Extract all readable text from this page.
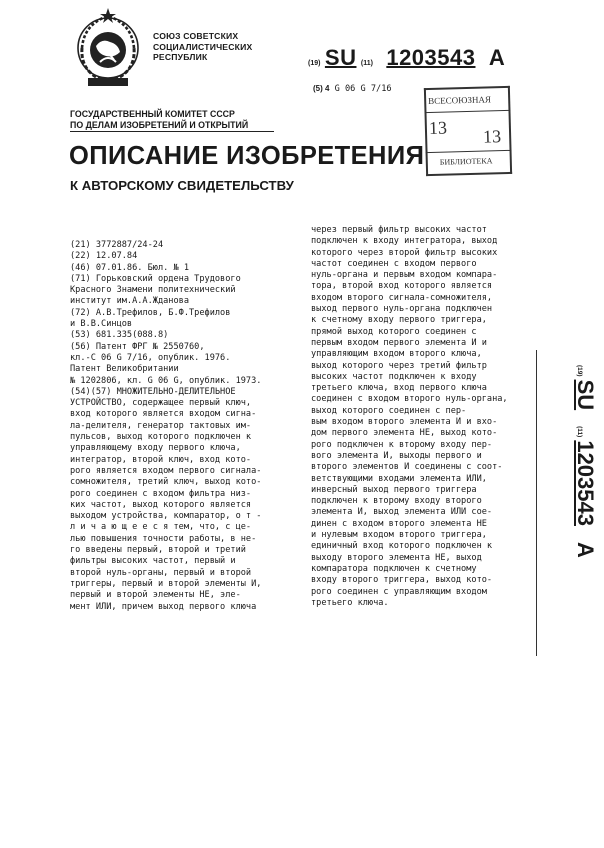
СОЮЗ СОВЕТСКИХ
СОЦИАЛИСТИЧЕСКИХ
РЕСПУБЛИК
(19) SU (11) 1203543 A
(5) 4 G 06 G 7/16
ВСЕСОЮЗНАЯ
13 13
БИБЛИОТЕКА
ГОСУДАРСТВЕННЫЙ КОМИТЕТ СССР
ПО ДЕЛАМ ИЗОБРЕТЕНИЙ И ОТКРЫТИЙ
ОПИСАНИЕ ИЗОБРЕТЕНИЯ
К АВТОРСКОМУ СВИДЕТЕЛЬСТВУ
(21) 3772887/24-24
(22) 12.07.84
(46) 07.01.86. Бюл. № 1
(71) Горьковский ордена Трудового
Красного Знамени политехнический
институт им.А.А.Жданова
(72) А.В.Трефилов, Б.Ф.Трефилов
и В.В.Синцов
(53) 681.335(088.8)
(56) Патент ФРГ № 2550760,
кл.-С 06 G 7/16, опублик. 1976.
Патент Великобритании
№ 1202806, кл. G 06 G, опублик. 1973.
(54)(57) МНОЖИТЕЛЬНО-ДЕЛИТЕЛЬНОЕ
УСТРОЙСТВО, содержащее первый ключ,
вход которого является входом сигна-
ла-делителя, генератор тактовых им-
пульсов, выход которого подключен к
управляющему входу первого ключа,
интегратор, второй ключ, вход кото-
рого является входом первого сигнала-
сомножителя, третий ключ, выход кото-
рого соединен с входом фильтра низ-
ких частот, выход которого является
выходом устройства, компаратор, о т -
л и ч а ю щ е е с я тем, что, с це-
лью повышения точности работы, в не-
го введены первый, второй и третий
фильтры высоких частот, первый и
второй нуль-органы, первый и второй
триггеры, первый и второй элементы И,
первый и второй элементы НЕ, эле-
мент ИЛИ, причем выход первого ключа
через первый фильтр высоких частот
подключен к входу интегратора, выход
которого через второй фильтр высоких
частот соединен с входом первого
нуль-органа и первым входом компара-
тора, второй вход которого является
входом второго сигнала-сомножителя,
выход первого нуль-органа подключен
к счетному входу первого триггера,
прямой выход которого соединен с
первым входом первого элемента И и
управляющим входом второго ключа,
выход которого через третий фильтр
высоких частот подключен к входу
третьего ключа, вход первого ключа
соединен с входом второго нуль-органа,
выход которого соединен с пер-
вым входом второго элемента И и вхо-
дом первого элемента НЕ, выход кото-
рого подключен к второму входу пер-
вого элемента И, выходы первого и
второго элементов И соединены с соот-
ветствующими входами элемента ИЛИ,
инверсный выход первого триггера
подключен к второму входу второго
элемента И, выход элемента ИЛИ сое-
динен с входом второго элемента НЕ
и нулевым входом второго триггера,
единичный вход которого подключен к
выходу второго элемента НЕ, выход
компаратора подключен к счетному
входу второго триггера, выход кото-
рого соединен с управляющим входом
третьего ключа.
(19)
SU
(11)
1203543
A
